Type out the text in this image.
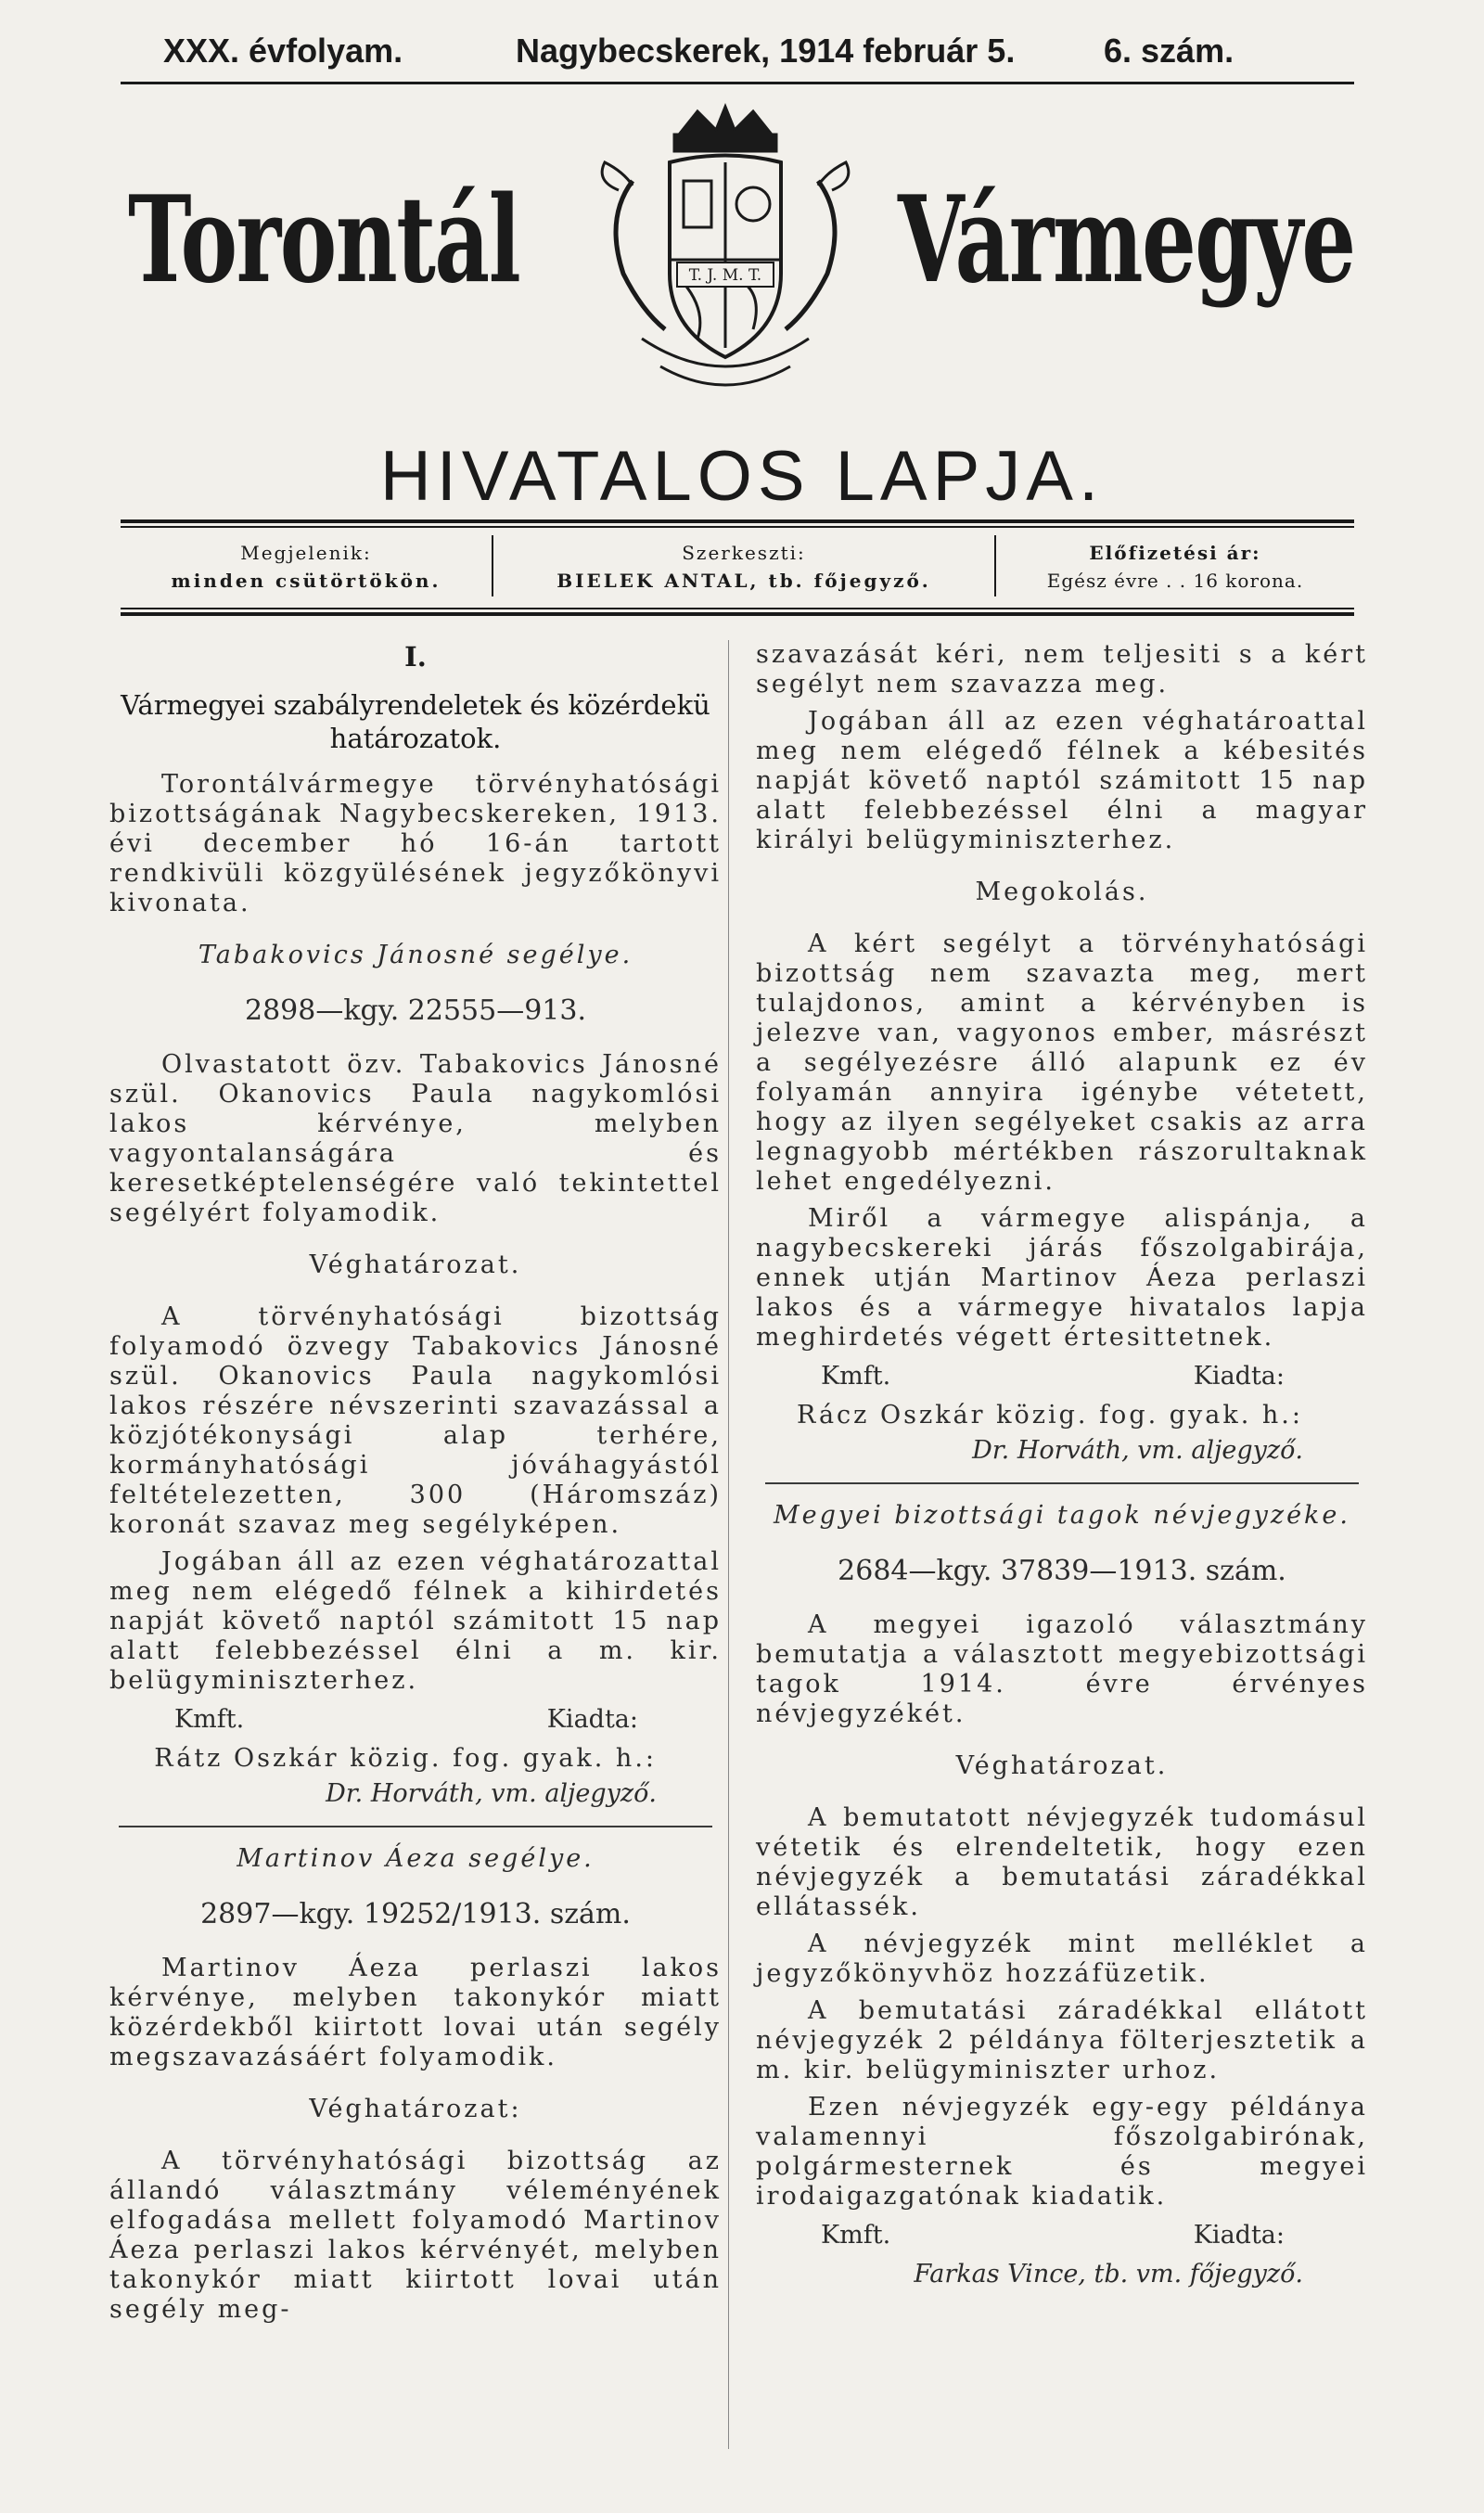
XXX. évfolyam.	Nagybecskerek, 1914 február 5.	6. szám.
Torontál	Vármegye
T. J. M. T.
HIVATALOS LAPJA.
Megjelenik:
minden csütörtökön.
Szerkeszti:
BIELEK ANTAL, tb. főjegyző.
Előfizetési ár:
Egész évre . . 16 korona.
I.
Vármegyei szabályrendeletek és közérdekü határozatok.

Torontálvármegye törvényhatósági bizottságának Nagybecskereken, 1913. évi december hó 16-án tartott rendkivüli közgyülésének jegyzőkönyvi kivonata.

Tabakovics Jánosné segélye.

2898—kgy. 22555—913.

Olvastatott özv. Tabakovics Jánosné szül. Okanovics Paula nagykomlósi lakos kérvénye, melyben vagyontalanságára és keresetképtelenségére való tekintettel segélyért folyamodik.

Véghatározat.

A törvényhatósági bizottság folyamodó özvegy Tabakovics Jánosné szül. Okanovics Paula nagykomlósi lakos részére névszerinti szavazással a közjótékonysági alap terhére, kormányhatósági jóváhagyástól feltételezetten, 300 (Háromszáz) koronát szavaz meg segélyképen.

Jogában áll az ezen véghatározattal meg nem elégedő félnek a kihirdetés napját követő naptól számitott 15 nap alatt felebbezéssel élni a m. kir. belügyminiszterhez.

Kmft.	Kiadta:

Rátz Oszkár közig. fog. gyak. h.:

Dr. Horváth, vm. aljegyző.

Martinov Áeza segélye.

2897—kgy. 19252/1913. szám.

Martinov Áeza perlaszi lakos kérvénye, melyben takonykór miatt közérdekből kiirtott lovai után segély megszavazásáért folyamodik.

Véghatározat:

A törvényhatósági bizottság az állandó választmány véleményének elfogadása mellett folyamodó Martinov Áeza perlaszi lakos kérvényét, melyben takonykór miatt kiirtott lovai után segély meg-

szavazását kéri, nem teljesiti s a kért segélyt nem szavazza meg.

Jogában áll az ezen véghatároattal meg nem elégedő félnek a kébesités napját követő naptól számitott 15 nap alatt felebbezéssel élni a magyar királyi belügyminiszterhez.

Megokolás.

A kért segélyt a törvényhatósági bizottság nem szavazta meg, mert tulajdonos, amint a kérvényben is jelezve van, vagyonos ember, másrészt a segélyezésre álló alapunk ez év folyamán annyira igénybe vétetett, hogy az ilyen segélyeket csakis az arra legnagyobb mértékben rászorultaknak lehet engedélyezni.

Miről a vármegye alispánja, a nagybecskereki járás főszolgabirája, ennek utján Martinov Áeza perlaszi lakos és a vármegye hivatalos lapja meghirdetés végett értesittetnek.

Kmft.	Kiadta:

Rácz Oszkár közig. fog. gyak. h.:

Dr. Horváth, vm. aljegyző.

Megyei bizottsági tagok névjegyzéke.

2684—kgy. 37839—1913. szám.

A megyei igazoló választmány bemutatja a választott megyebizottsági tagok 1914. évre érvényes névjegyzékét.

Véghatározat.

A bemutatott névjegyzék tudomásul vétetik és elrendeltetik, hogy ezen névjegyzék a bemutatási záradékkal ellátassék.

A névjegyzék mint melléklet a jegyzőkönyvhöz hozzáfüzetik.

A bemutatási záradékkal ellátott névjegyzék 2 példánya fölterjesztetik a m. kir. belügyminiszter urhoz.

Ezen névjegyzék egy-egy példánya valamennyi főszolgabirónak, polgármesternek és megyei irodaigazgatónak kiadatik.

Kmft.	Kiadta:

Farkas Vince, tb. vm. főjegyző.
